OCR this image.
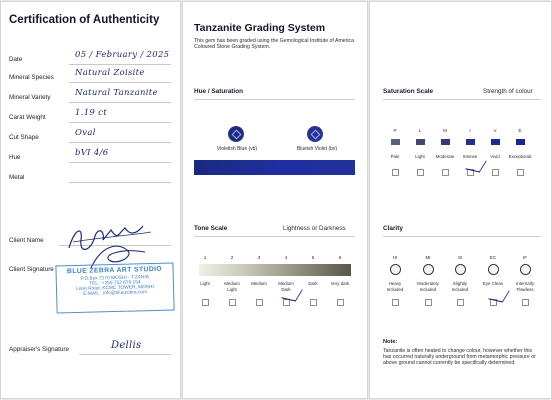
Certification of Authenticity
Date	05 / February / 2025
Mineral Species Natural Zoisite
Mineral Variety	Natural Tanzanite
Carat Weight	1.19 ct
Cut Shape	Oval
Hue	bVI 4/6
Metal
Client Name
Client Signature	BLUE ZEBRA ART STUDIO
P.O.Box 2170 MOSHI - T'ZANIA
TEL : +255 752 678 154
Lone Road, KCMC TOWER, MOSHI
E-MAIL : info@bluezebra.com
Appraiser's Signature	Dellis
Tanzanite Grading System
This gem has been graded using the Gemological Institute of America Coloured Stone Grading System.
Hue / Saturation
Violetish Blue (vb)	Blueish Violet (bv)
Tone Scale	Lightness or Darkness
1	2	3	4	5	6
Light	Medium Light
Medium	Medium Dark
Dark	Very dark
Saturation Scale	Strength of colour
P
Pale
L
Light
M
Moderate
I
Intense
V
Vivid
E
Exceptional
Clarity
HI
Heavy Included
MI
Moderately Included
SI
Slightly Included
EC
Eye Clean
IF
Internally Flawless
Note:
Tanzanite is often heated to change colour, however whether this has occurred naturally underground from metamorphic pressure or above ground cannot currently be specifically determined.
